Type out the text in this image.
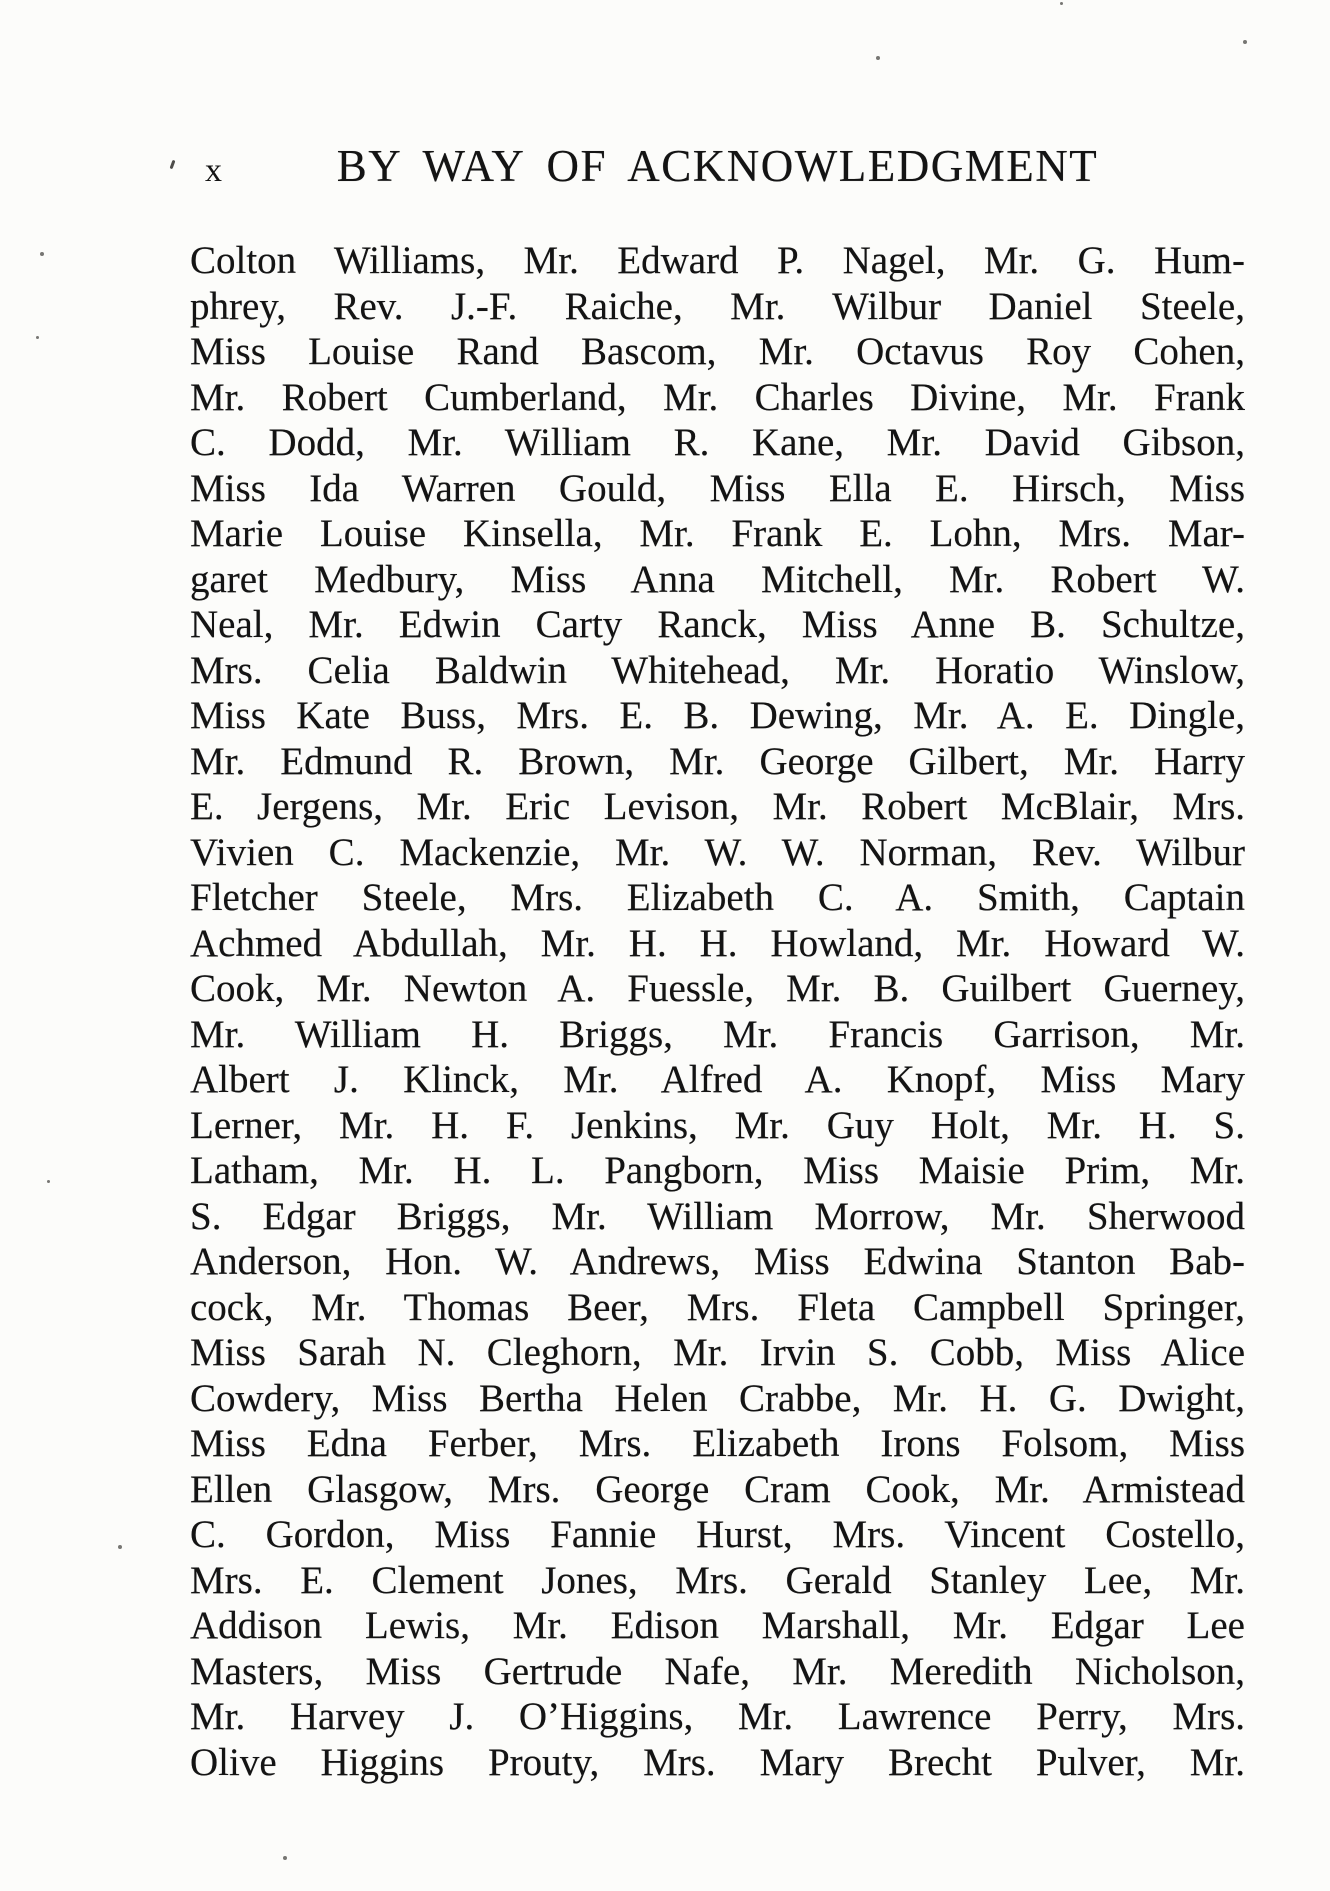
x	BY WAY OF ACKNOWLEDGMENT
Colton Williams, Mr. Edward P. Nagel, Mr. G. Hum-
phrey, Rev. J.-F. Raiche, Mr. Wilbur Daniel Steele,
Miss Louise Rand Bascom, Mr. Octavus Roy Cohen,
Mr. Robert Cumberland, Mr. Charles Divine, Mr. Frank
C. Dodd, Mr. William R. Kane, Mr. David Gibson,
Miss Ida Warren Gould, Miss Ella E. Hirsch, Miss
Marie Louise Kinsella, Mr. Frank E. Lohn, Mrs. Mar-
garet Medbury, Miss Anna Mitchell, Mr. Robert W.
Neal, Mr. Edwin Carty Ranck, Miss Anne B. Schultze,
Mrs. Celia Baldwin Whitehead, Mr. Horatio Winslow,
Miss Kate Buss, Mrs. E. B. Dewing, Mr. A. E. Dingle,
Mr. Edmund R. Brown, Mr. George Gilbert, Mr. Harry
E. Jergens, Mr. Eric Levison, Mr. Robert McBlair, Mrs.
Vivien C. Mackenzie, Mr. W. W. Norman, Rev. Wilbur
Fletcher Steele, Mrs. Elizabeth C. A. Smith, Captain
Achmed Abdullah, Mr. H. H. Howland, Mr. Howard W.
Cook, Mr. Newton A. Fuessle, Mr. B. Guilbert Guerney,
Mr. William H. Briggs, Mr. Francis Garrison, Mr.
Albert J. Klinck, Mr. Alfred A. Knopf, Miss Mary
Lerner, Mr. H. F. Jenkins, Mr. Guy Holt, Mr. H. S.
Latham, Mr. H. L. Pangborn, Miss Maisie Prim, Mr.
S. Edgar Briggs, Mr. William Morrow, Mr. Sherwood
Anderson, Hon. W. Andrews, Miss Edwina Stanton Bab-
cock, Mr. Thomas Beer, Mrs. Fleta Campbell Springer,
Miss Sarah N. Cleghorn, Mr. Irvin S. Cobb, Miss Alice
Cowdery, Miss Bertha Helen Crabbe, Mr. H. G. Dwight,
Miss Edna Ferber, Mrs. Elizabeth Irons Folsom, Miss
Ellen Glasgow, Mrs. George Cram Cook, Mr. Armistead
C. Gordon, Miss Fannie Hurst, Mrs. Vincent Costello,
Mrs. E. Clement Jones, Mrs. Gerald Stanley Lee, Mr.
Addison Lewis, Mr. Edison Marshall, Mr. Edgar Lee
Masters, Miss Gertrude Nafe, Mr. Meredith Nicholson,
Mr. Harvey J. O’Higgins, Mr. Lawrence Perry, Mrs.
Olive Higgins Prouty, Mrs. Mary Brecht Pulver, Mr.
